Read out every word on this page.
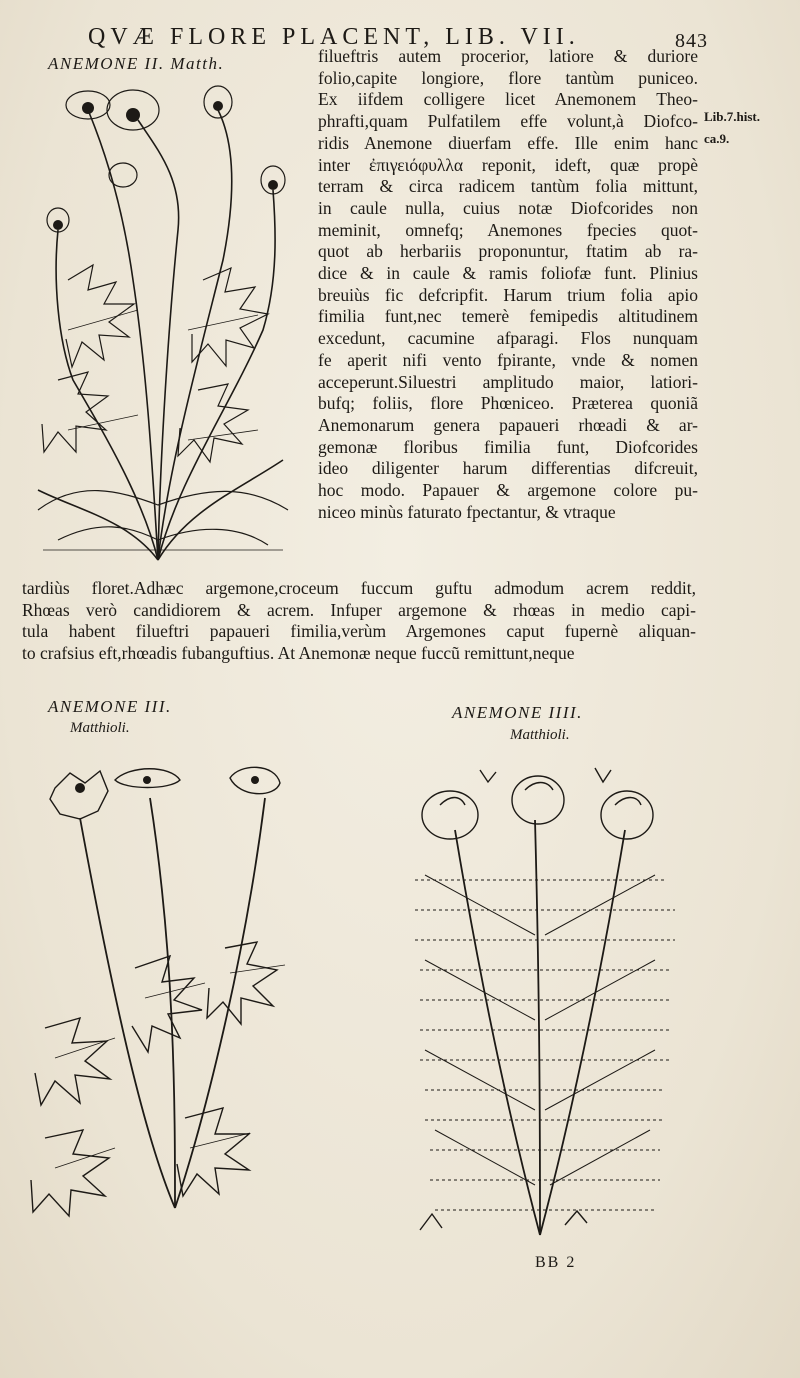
QVÆ FLORE PLACENT, LIB. VII.	843
ANEMONE II. Matth.	filueftris autem procerior, latiore & duriore
folio,capite longiore, flore tantùm puniceo.
Ex iifdem colligere licet Anemonem Theo-
phrafti,quam Pulfatilem effe volunt,à Diofco-
ridis Anemone diuerfam effe. Ille enim hanc
inter ἐπιγειόφυλλα reponit, ideft, quæ propè
terram & circa radicem tantùm folia mittunt,
in caule nulla, cuius notæ Diofcorides non
meminit, omnefq; Anemones fpecies quot-
quot ab herbariis proponuntur, ftatim ab ra-
dice & in caule & ramis foliofæ funt. Plinius
breuiùs fic defcripfit. Harum trium folia apio
fimilia funt,nec temerè femipedis altitudinem
excedunt, cacumine afparagi. Flos nunquam
fe aperit nifi vento fpirante, vnde & nomen
acceperunt.Siluestri amplitudo maior, latiori-
bufq; foliis, flore Phœniceo. Præterea quoniã
Anemonarum genera papaueri rhœadi & ar-
gemonæ floribus fimilia funt, Diofcorides
ideo diligenter harum differentias difcreuit,
hoc modo. Papauer & argemone colore pu-
niceo minùs faturato fpectantur, & vtraque
Lib.7.hist.
ca.9.
tardiùs floret.Adhæc argemone,croceum fuccum guftu admodum acrem reddit,
Rhœas verò candidiorem & acrem. Infuper argemone & rhœas in medio capi-
tula habent filueftri papaueri fimilia,verùm Argemones caput fupernè aliquan-
to crafsius eft,rhœadis fubanguftius. At Anemonæ neque fuccũ remittunt,neque
ANEMONE III.
Matthioli.
ANEMONE IIII.
Matthioli.
BB 2
